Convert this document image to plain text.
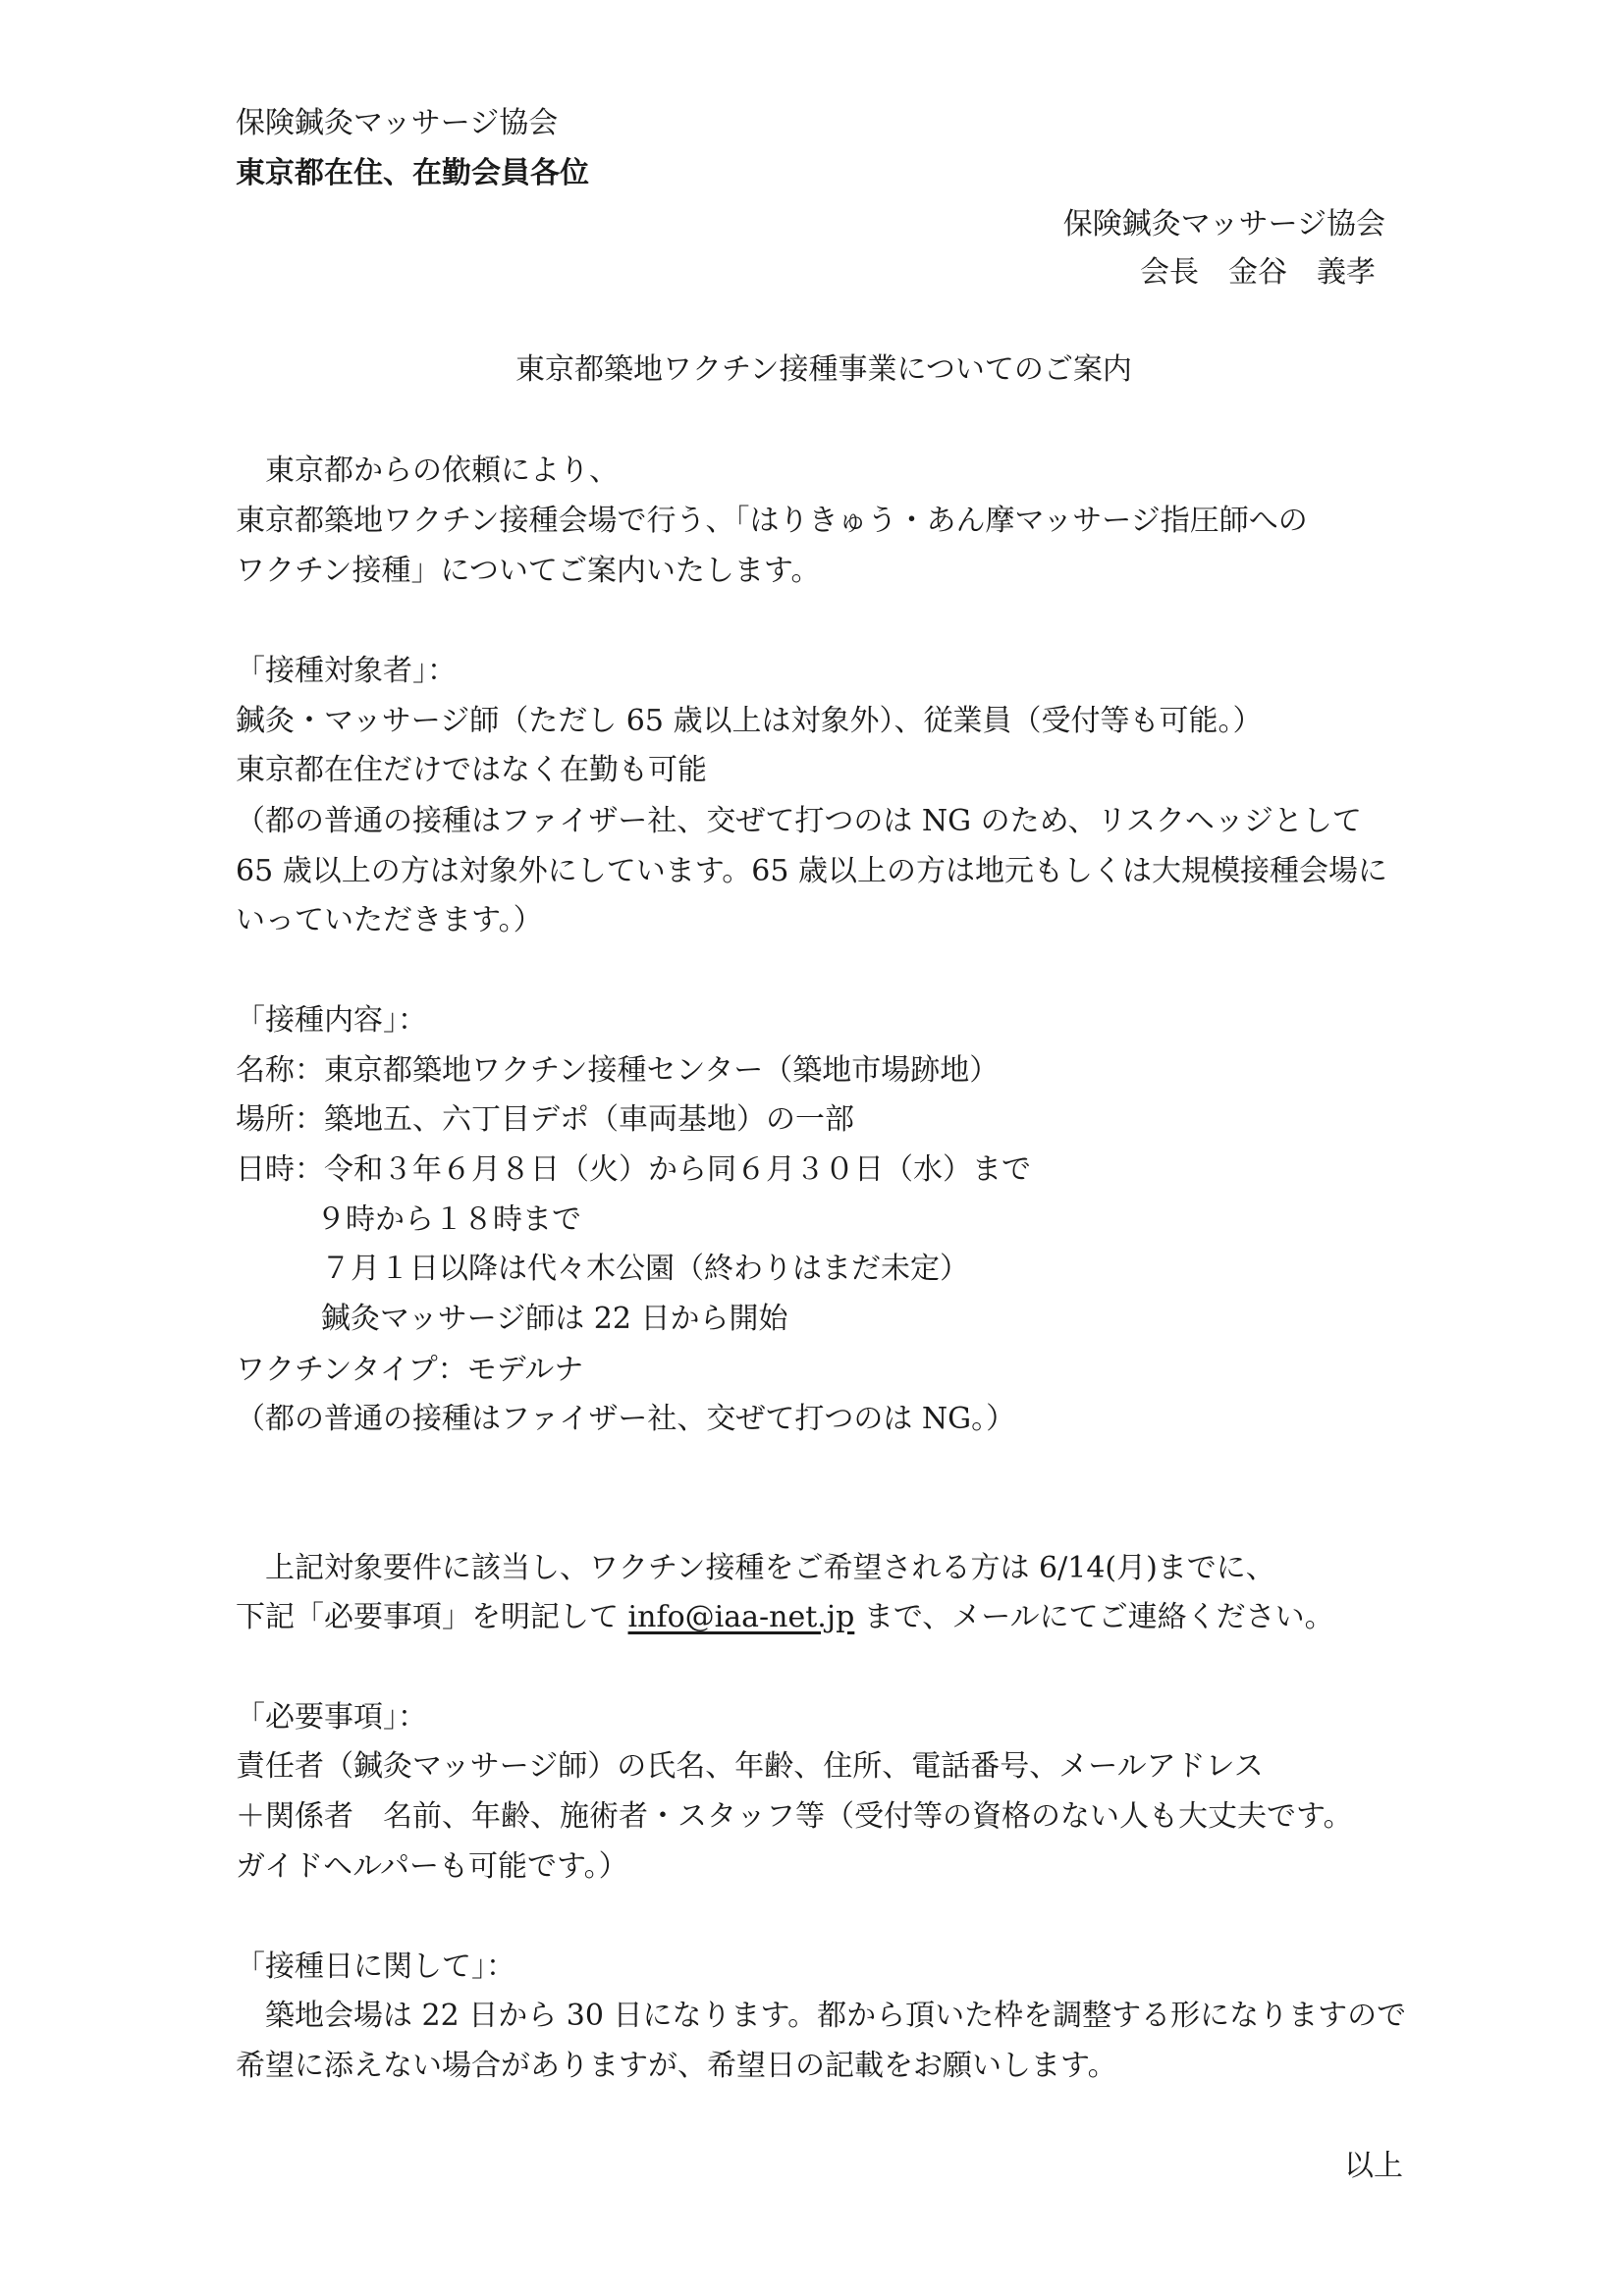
保険鍼灸マッサージ協会
東京都在住、在勤会員各位
保険鍼灸マッサージ協会
会長　金谷　義孝
東京都築地ワクチン接種事業についてのご案内
　東京都からの依頼により、
東京都築地ワクチン接種会場で行う、「はりきゅう・あん摩マッサージ指圧師への
ワクチン接種」についてご案内いたします。
「接種対象者」：
鍼灸・マッサージ師（ただし 65 歳以上は対象外）、従業員（受付等も可能。）
東京都在住だけではなく在勤も可能
（都の普通の接種はファイザー社、交ぜて打つのは NG のため、リスクヘッジとして
65 歳以上の方は対象外にしています。65 歳以上の方は地元もしくは大規模接種会場に
いっていただきます。）
「接種内容」：
名称：東京都築地ワクチン接種センター（築地市場跡地）
場所：築地五、六丁目デポ（車両基地）の一部
日時：令和３年６月８日（火）から同６月３０日（水）まで
９時から１８時まで
７月１日以降は代々木公園（終わりはまだ未定）
鍼灸マッサージ師は 22 日から開始
ワクチンタイプ：モデルナ
（都の普通の接種はファイザー社、交ぜて打つのは NG。）
　上記対象要件に該当し、ワクチン接種をご希望される方は 6/14(月)までに、
下記「必要事項」を明記して info@iaa-net.jp まで、メールにてご連絡ください。
「必要事項」：
責任者（鍼灸マッサージ師）の氏名、年齢、住所、電話番号、メールアドレス
＋関係者　名前、年齢、施術者・スタッフ等（受付等の資格のない人も大丈夫です。
ガイドヘルパーも可能です。）
「接種日に関して」：
　築地会場は 22 日から 30 日になります。都から頂いた枠を調整する形になりますので
希望に添えない場合がありますが、希望日の記載をお願いします。
以上
